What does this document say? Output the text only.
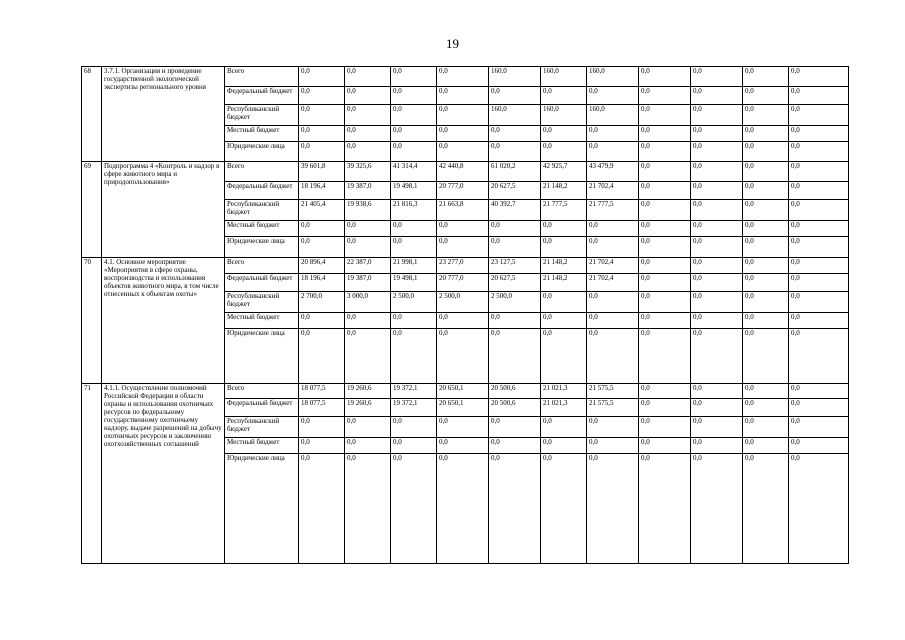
19
68	3.7.1. Организация и проведение государственной экологической экспертизы регионального уровня	Всего	0,0	0,0	0,0	0,0	160,0	160,0	160,0	0,0	0,0	0,0	0,0
		Федеральный бюджет	0,0	0,0	0,0	0,0	0,0	0,0	0,0	0,0	0,0	0,0	0,0
		Республиканский бюджет	0,0	0,0	0,0	0,0	160,0	160,0	160,0	0,0	0,0	0,0	0,0
		Местный бюджет	0,0	0,0	0,0	0,0	0,0	0,0	0,0	0,0	0,0	0,0	0,0
		Юридические лица	0,0	0,0	0,0	0,0	0,0	0,0	0,0	0,0	0,0	0,0	0,0
69	Подпрограмма 4 «Контроль и надзор в сфере животного мира и природопользования»	Всего	39 601,8	39 325,6	41 314,4	42 440,8	61 020,2	42 925,7	43 479,9	0,0	0,0	0,0	0,0
		Федеральный бюджет	18 196,4	19 387,0	19 498,1	20 777,0	20 627,5	21 148,2	21 702,4	0,0	0,0	0,0	0,0
		Республиканский бюджет	21 405,4	19 938,6	21 816,3	21 663,8	40 392,7	21 777,5	21 777,5	0,0	0,0	0,0	0,0
		Местный бюджет	0,0	0,0	0,0	0,0	0,0	0,0	0,0	0,0	0,0	0,0	0,0
		Юридические лица	0,0	0,0	0,0	0,0	0,0	0,0	0,0	0,0	0,0	0,0	0,0
70	4.1. Основное мероприятие «Мероприятия в сфере охраны, воспроизводства и использования объектов животного мира, в том числе отнесенных к объектам охоты»	Всего	20 896,4	22 387,0	21 998,1	23 277,0	23 127,5	21 148,2	21 702,4	0,0	0,0	0,0	0,0
		Федеральный бюджет	18 196,4	19 387,0	19 498,1	20 777,0	20 627,5	21 148,2	21 702,4	0,0	0,0	0,0	0,0
		Республиканский бюджет	2 700,0	3 000,0	2 500,0	2 500,0	2 500,0	0,0	0,0	0,0	0,0	0,0	0,0
		Местный бюджет	0,0	0,0	0,0	0,0	0,0	0,0	0,0	0,0	0,0	0,0	0,0
		Юридические лица	0,0	0,0	0,0	0,0	0,0	0,0	0,0	0,0	0,0	0,0	0,0
71	4.1.1. Осуществление полномочий Российской Федерации в области охраны и использования охотничьих ресурсов по федеральному государственному охотничьему надзору, выдаче разрешений на добычу охотничьих ресурсов и заключению охотхозяйственных соглашений	Всего	18 077,5	19 260,6	19 372,1	20 650,1	20 500,6	21 021,3	21 575,5	0,0	0,0	0,0	0,0
		Федеральный бюджет	18 077,5	19 260,6	19 372,1	20 650,1	20 500,6	21 021,3	21 575,5	0,0	0,0	0,0	0,0
		Республиканский бюджет	0,0	0,0	0,0	0,0	0,0	0,0	0,0	0,0	0,0	0,0	0,0
		Местный бюджет	0,0	0,0	0,0	0,0	0,0	0,0	0,0	0,0	0,0	0,0	0,0
		Юридические лица	0,0	0,0	0,0	0,0	0,0	0,0	0,0	0,0	0,0	0,0	0,0
